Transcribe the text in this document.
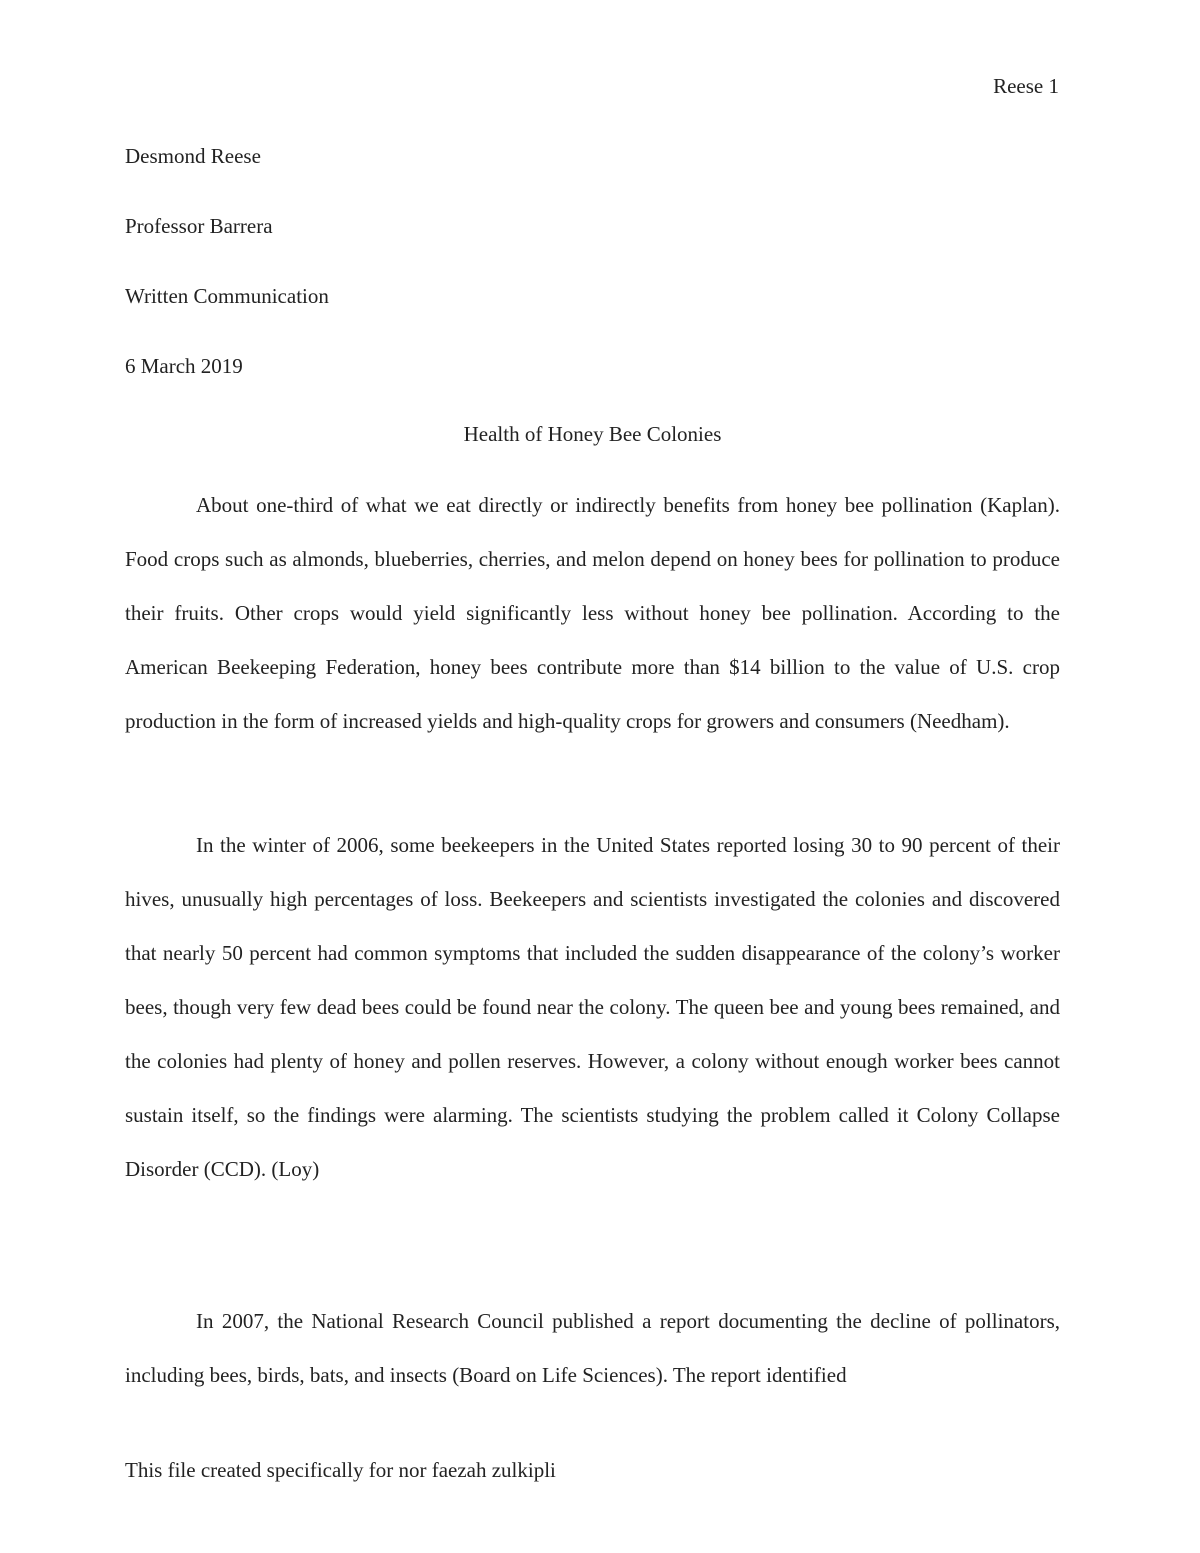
Reese 1
Desmond Reese
Professor Barrera
Written Communication
6 March 2019
Health of Honey Bee Colonies

About one-third of what we eat directly or indirectly benefits from honey bee pollination (Kaplan). Food crops such as almonds, blueberries, cherries, and melon depend on honey bees for pollination to produce their fruits. Other crops would yield significantly less without honey bee pollination. According to the American Beekeeping Federation, honey bees contribute more than $14 billion to the value of U.S. crop production in the form of increased yields and high-quality crops for growers and consumers (Needham).

In the winter of 2006, some beekeepers in the United States reported losing 30 to 90 percent of their hives, unusually high percentages of loss. Beekeepers and scientists investigated the colonies and discovered that nearly 50 percent had common symptoms that included the sudden disappearance of the colony’s worker bees, though very few dead bees could be found near the colony. The queen bee and young bees remained, and the colonies had plenty of honey and pollen reserves. However, a colony without enough worker bees cannot sustain itself, so the findings were alarming. The scientists studying the problem called it Colony Collapse Disorder (CCD). (Loy)

In 2007, the National Research Council published a report documenting the decline of pollinators, including bees, birds, bats, and insects (Board on Life Sciences). The report identified

This file created specifically for nor faezah zulkipli
